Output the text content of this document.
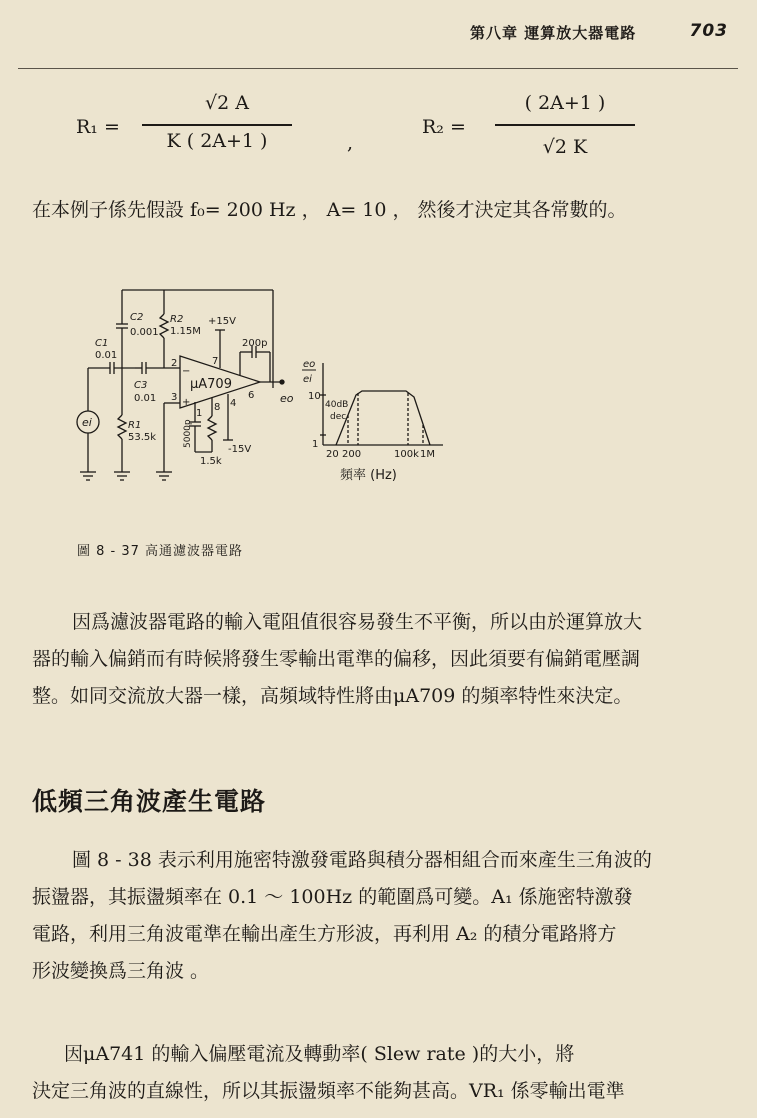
第八章 運算放大器電路	703
R₁ =
√2 A
K ( 2A+1 )	,
R₂ =
( 2A+1 )
√2 K
在本例子係先假設 f₀= 200 Hz ， A= 10 ， 然後才決定其各常數的。
C1
0.01
C2
0.001
C3
0.01
R2
1.15M
R1
53.5k
+15V
-15V
200p
μA709
2
3
7
4
6
1
8
−
+
5000p
1.5k
ei
eo
eo
ei
10
1
40dB
dec
20 200	100k 1M
頻率 (Hz)
圖 8 - 37 高通濾波器電路

因爲濾波器電路的輸入電阻值很容易發生不平衡，所以由於運算放大

器的輸入偏銷而有時候將發生零輸出電準的偏移，因此須要有偏銷電壓調

整。如同交流放大器一樣，高頻域特性將由μA709 的頻率特性來決定。

低頻三角波產生電路

圖 8 - 38 表示利用施密特激發電路與積分器相組合而來產生三角波的

振盪器，其振盪頻率在 0.1 ～ 100Hz 的範圍爲可變。A₁ 係施密特激發

電路，利用三角波電準在輸出產生方形波，再利用 A₂ 的積分電路將方

形波變換爲三角波 。

因μA741 的輸入偏壓電流及轉動率( Slew rate )的大小，將

決定三角波的直線性，所以其振盪頻率不能夠甚高。VR₁ 係零輸出電準
